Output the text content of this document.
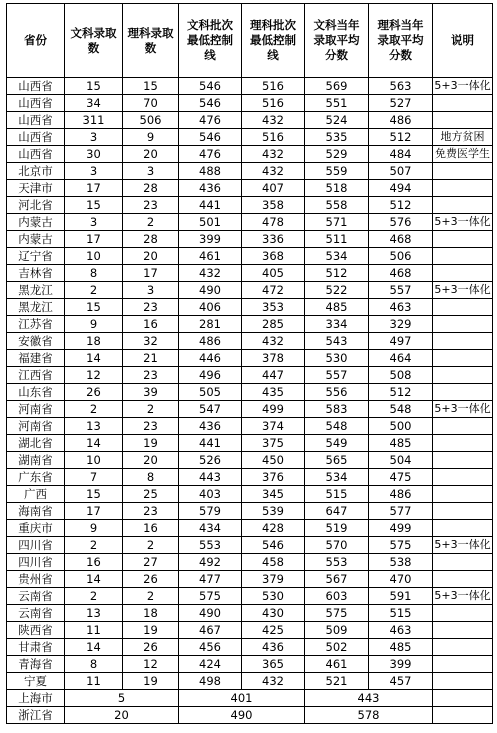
省份	文科录取数	理科录取数	文科批次最低控制线	理科批次最低控制线	文科当年录取平均分数	理科当年录取平均分数	说明
山西省	15	15	546	516	569	563	5+3一体化
山西省	34	70	546	516	551	527	
山西省	311	506	476	432	524	486	
山西省	3	9	546	516	535	512	地方贫困
山西省	30	20	476	432	529	484	免费医学生
北京市	3	3	488	432	559	507	
天津市	17	28	436	407	518	494	
河北省	15	23	441	358	558	512	
内蒙古	3	2	501	478	571	576	5+3一体化
内蒙古	17	28	399	336	511	468	
辽宁省	10	20	461	368	534	506	
吉林省	8	17	432	405	512	468	
黑龙江	2	3	490	472	522	557	5+3一体化
黑龙江	15	23	406	353	485	463	
江苏省	9	16	281	285	334	329	
安徽省	18	32	486	432	543	497	
福建省	14	21	446	378	530	464	
江西省	12	23	496	447	557	508	
山东省	26	39	505	435	556	512	
河南省	2	2	547	499	583	548	5+3一体化
河南省	13	23	436	374	548	500	
湖北省	14	19	441	375	549	485	
湖南省	10	20	526	450	565	504	
广东省	7	8	443	376	534	475	
广西	15	25	403	345	515	486	
海南省	17	23	579	539	647	577	
重庆市	9	16	434	428	519	499	
四川省	2	2	553	546	570	575	5+3一体化
四川省	16	27	492	458	553	538	
贵州省	14	26	477	379	567	470	
云南省	2	2	575	530	603	591	5+3一体化
云南省	13	18	490	430	575	515	
陕西省	11	19	467	425	509	463	
甘肃省	14	26	456	436	502	485	
青海省	8	12	424	365	461	399	
宁夏	11	19	498	432	521	457	
上海市	5		401		443		
浙江省	20		490		578		
